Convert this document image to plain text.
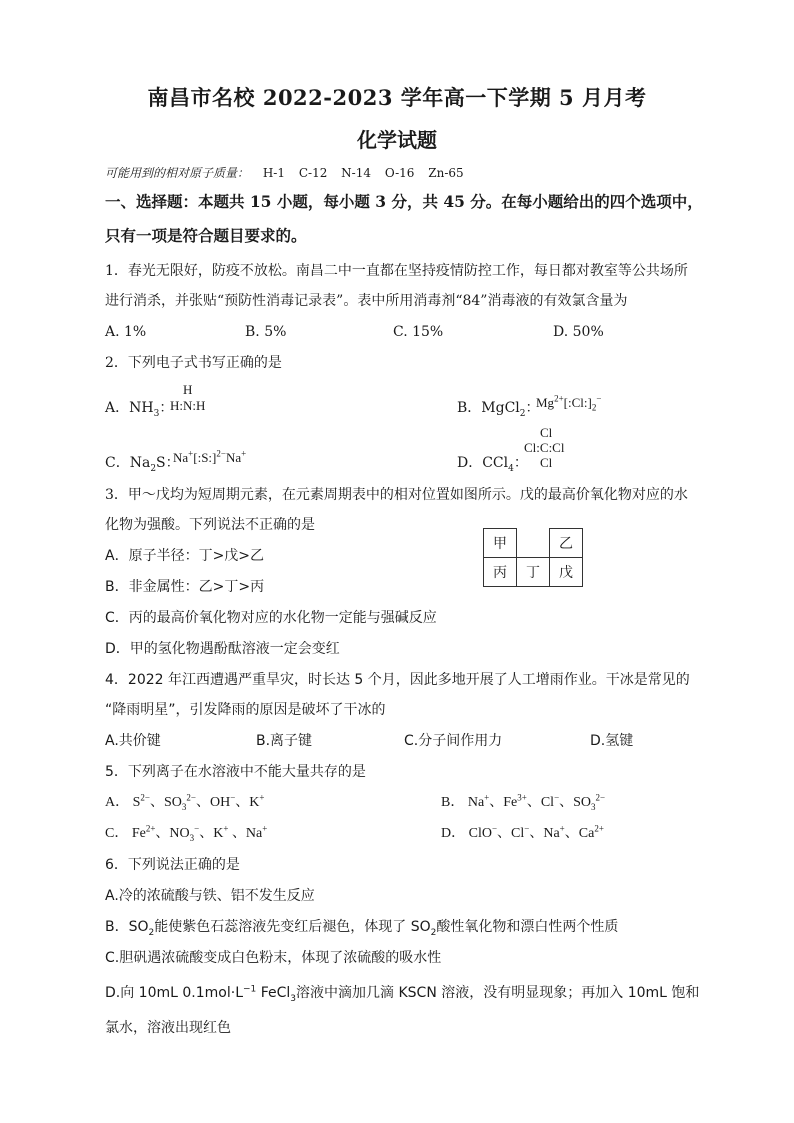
南昌市名校 2022-2023 学年高一下学期 5 月月考
化学试题
可能用到的相对原子质量： H-1 C-12 N-14 O-16 Zn-65
一、选择题：本题共 15 小题，每小题 3 分，共 45 分。在每小题给出的四个选项中，
只有一项是符合题目要求的。
1．春光无限好，防疫不放松。南昌二中一直都在坚持疫情防控工作，每日都对教室等公共场所
进行消杀，并张贴“预防性消毒记录表”。表中所用消毒剂“84”消毒液的有效氯含量为
A. 1%	B. 5%	C. 15%	D. 50%
2．下列电子式书写正确的是
A．$NH_3$：
H
H:N:H	B．MgCl$_2$：
$Mg^{2+}[:Cl:]_2^-$
C．$Na_2S$：
Na+[:S:]$^{2-}$Na+
D．CCl$_4$：
Cl
Cl:C:Cl
Cl
3．甲～戊均为短周期元素，在元素周期表中的相对位置如图所示。戊的最高价氧化物对应的水
化物为强酸。下列说法不正确的是
A．原子半径：丁>戊>乙
B．非金属性：乙>丁>丙
C．丙的最高价氧化物对应的水化物一定能与强碱反应
D．甲的氢化物遇酚酞溶液一定会变红
甲		乙
丙	丁	戊
4．2022 年江西遭遇严重旱灾，时长达 5 个月，因此多地开展了人工增雨作业。干冰是常见的
“降雨明星”，引发降雨的原因是破坏了干冰的
A.共价键	B.离子键	C.分子间作用力	D.氢键
5．下列离子在水溶液中不能大量共存的是
A． $S^{2-}$、$SO_3^{2-}$、OH−、K+	B． Na+、$Fe^{3+}$、Cl−、$SO_3^{2-}$
C． $Fe^{2+}$、$NO_3^-$、K+ 、Na+	D． ClO−、Cl−、Na+、$Ca^{2+}$
6．下列说法正确的是
A.冷的浓硫酸与铁、铝不发生反应
B．$SO_2$能使紫色石蕊溶液先变红后褪色，体现了 $SO_2$酸性氧化物和漂白性两个性质
C.胆矾遇浓硫酸变成白色粉末，体现了浓硫酸的吸水性
D.向 10mL $0.1mol\cdot L^{-1}$ FeCl$_3$溶液中滴加几滴 KSCN 溶液，没有明显现象；再加入 10mL 饱和
氯水，溶液出现红色
